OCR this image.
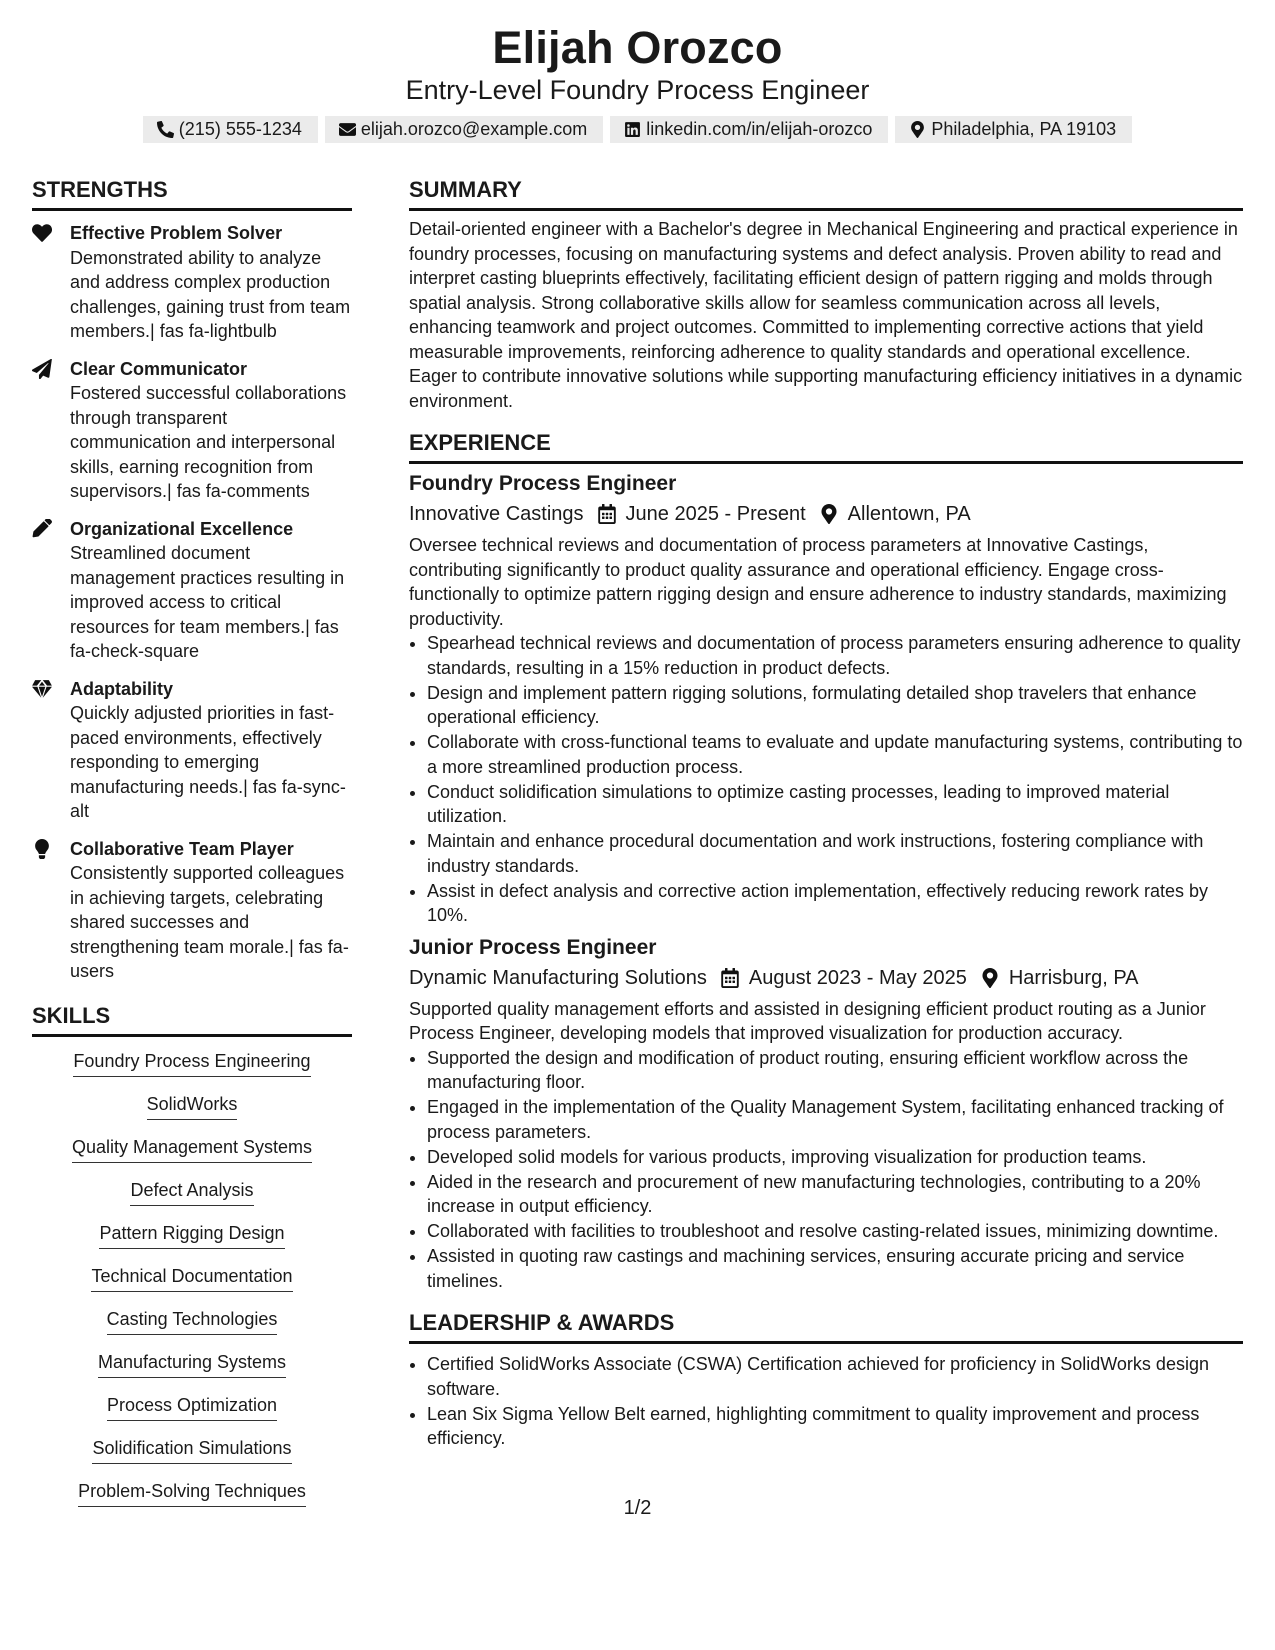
Elijah Orozco
Entry-Level Foundry Process Engineer
(215) 555-1234	elijah.orozco@example.com	linkedin.com/in/elijah-orozco	Philadelphia, PA 19103
STRENGTHS
Effective Problem Solver
Demonstrated ability to analyze and address complex production challenges, gaining trust from team members.| fas fa-lightbulb
Clear Communicator
Fostered successful collaborations through transparent communication and interpersonal skills, earning recognition from supervisors.| fas fa-comments
Organizational Excellence
Streamlined document management practices resulting in improved access to critical resources for team members.| fas fa-check-square
Adaptability
Quickly adjusted priorities in fast-paced environments, effectively responding to emerging manufacturing needs.| fas fa-sync-alt
Collaborative Team Player
Consistently supported colleagues in achieving targets, celebrating shared successes and strengthening team morale.| fas fa-users
SKILLS
Foundry Process Engineering
SolidWorks
Quality Management Systems
Defect Analysis
Pattern Rigging Design
Technical Documentation
Casting Technologies
Manufacturing Systems
Process Optimization
Solidification Simulations
Problem-Solving Techniques
SUMMARY

Detail-oriented engineer with a Bachelor's degree in Mechanical Engineering and practical experience in foundry processes, focusing on manufacturing systems and defect analysis. Proven ability to read and interpret casting blueprints effectively, facilitating efficient design of pattern rigging and molds through spatial analysis. Strong collaborative skills allow for seamless communication across all levels, enhancing teamwork and project outcomes. Committed to implementing corrective actions that yield measurable improvements, reinforcing adherence to quality standards and operational excellence. Eager to contribute innovative solutions while supporting manufacturing efficiency initiatives in a dynamic environment.

EXPERIENCE
Foundry Process Engineer
Innovative Castings June 2025 - Present Allentown, PA

Oversee technical reviews and documentation of process parameters at Innovative Castings, contributing significantly to product quality assurance and operational efficiency. Engage cross-functionally to optimize pattern rigging design and ensure adherence to industry standards, maximizing productivity.

• Spearhead technical reviews and documentation of process parameters ensuring adherence to quality standards, resulting in a 15% reduction in product defects.
• Design and implement pattern rigging solutions, formulating detailed shop travelers that enhance operational efficiency.
• Collaborate with cross-functional teams to evaluate and update manufacturing systems, contributing to a more streamlined production process.
• Conduct solidification simulations to optimize casting processes, leading to improved material utilization.
• Maintain and enhance procedural documentation and work instructions, fostering compliance with industry standards.
• Assist in defect analysis and corrective action implementation, effectively reducing rework rates by 10%.
Junior Process Engineer
Dynamic Manufacturing Solutions August 2023 - May 2025 Harrisburg, PA

Supported quality management efforts and assisted in designing efficient product routing as a Junior Process Engineer, developing models that improved visualization for production accuracy.

• Supported the design and modification of product routing, ensuring efficient workflow across the manufacturing floor.
• Engaged in the implementation of the Quality Management System, facilitating enhanced tracking of process parameters.
• Developed solid models for various products, improving visualization for production teams.
• Aided in the research and procurement of new manufacturing technologies, contributing to a 20% increase in output efficiency.
• Collaborated with facilities to troubleshoot and resolve casting-related issues, minimizing downtime.
• Assisted in quoting raw castings and machining services, ensuring accurate pricing and service timelines.
LEADERSHIP & AWARDS
• Certified SolidWorks Associate (CSWA) Certification achieved for proficiency in SolidWorks design software.
• Lean Six Sigma Yellow Belt earned, highlighting commitment to quality improvement and process efficiency.
1/2
